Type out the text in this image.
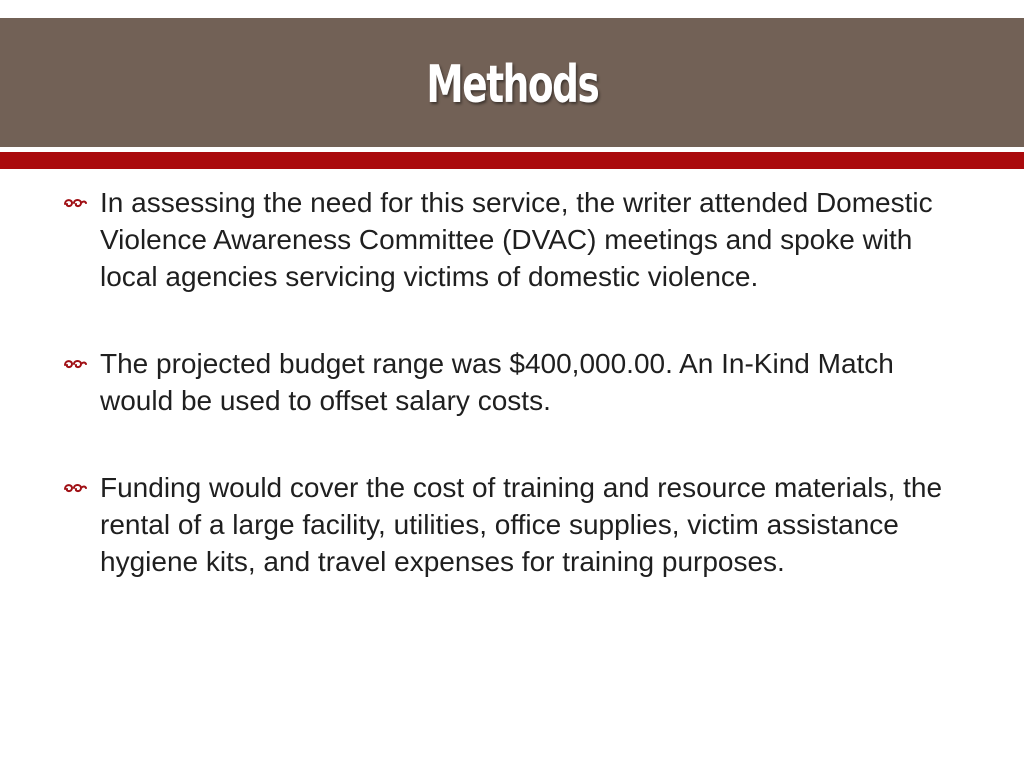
Methods
In assessing the need for this service, the writer attended Domestic Violence Awareness Committee (DVAC) meetings and spoke with local agencies servicing victims of domestic violence.
The projected budget range was $400,000.00. An In-Kind Match would be used to offset salary costs.
Funding would cover the cost of training and resource materials, the rental of a large facility, utilities, office supplies, victim assistance hygiene kits, and travel expenses for training purposes.
